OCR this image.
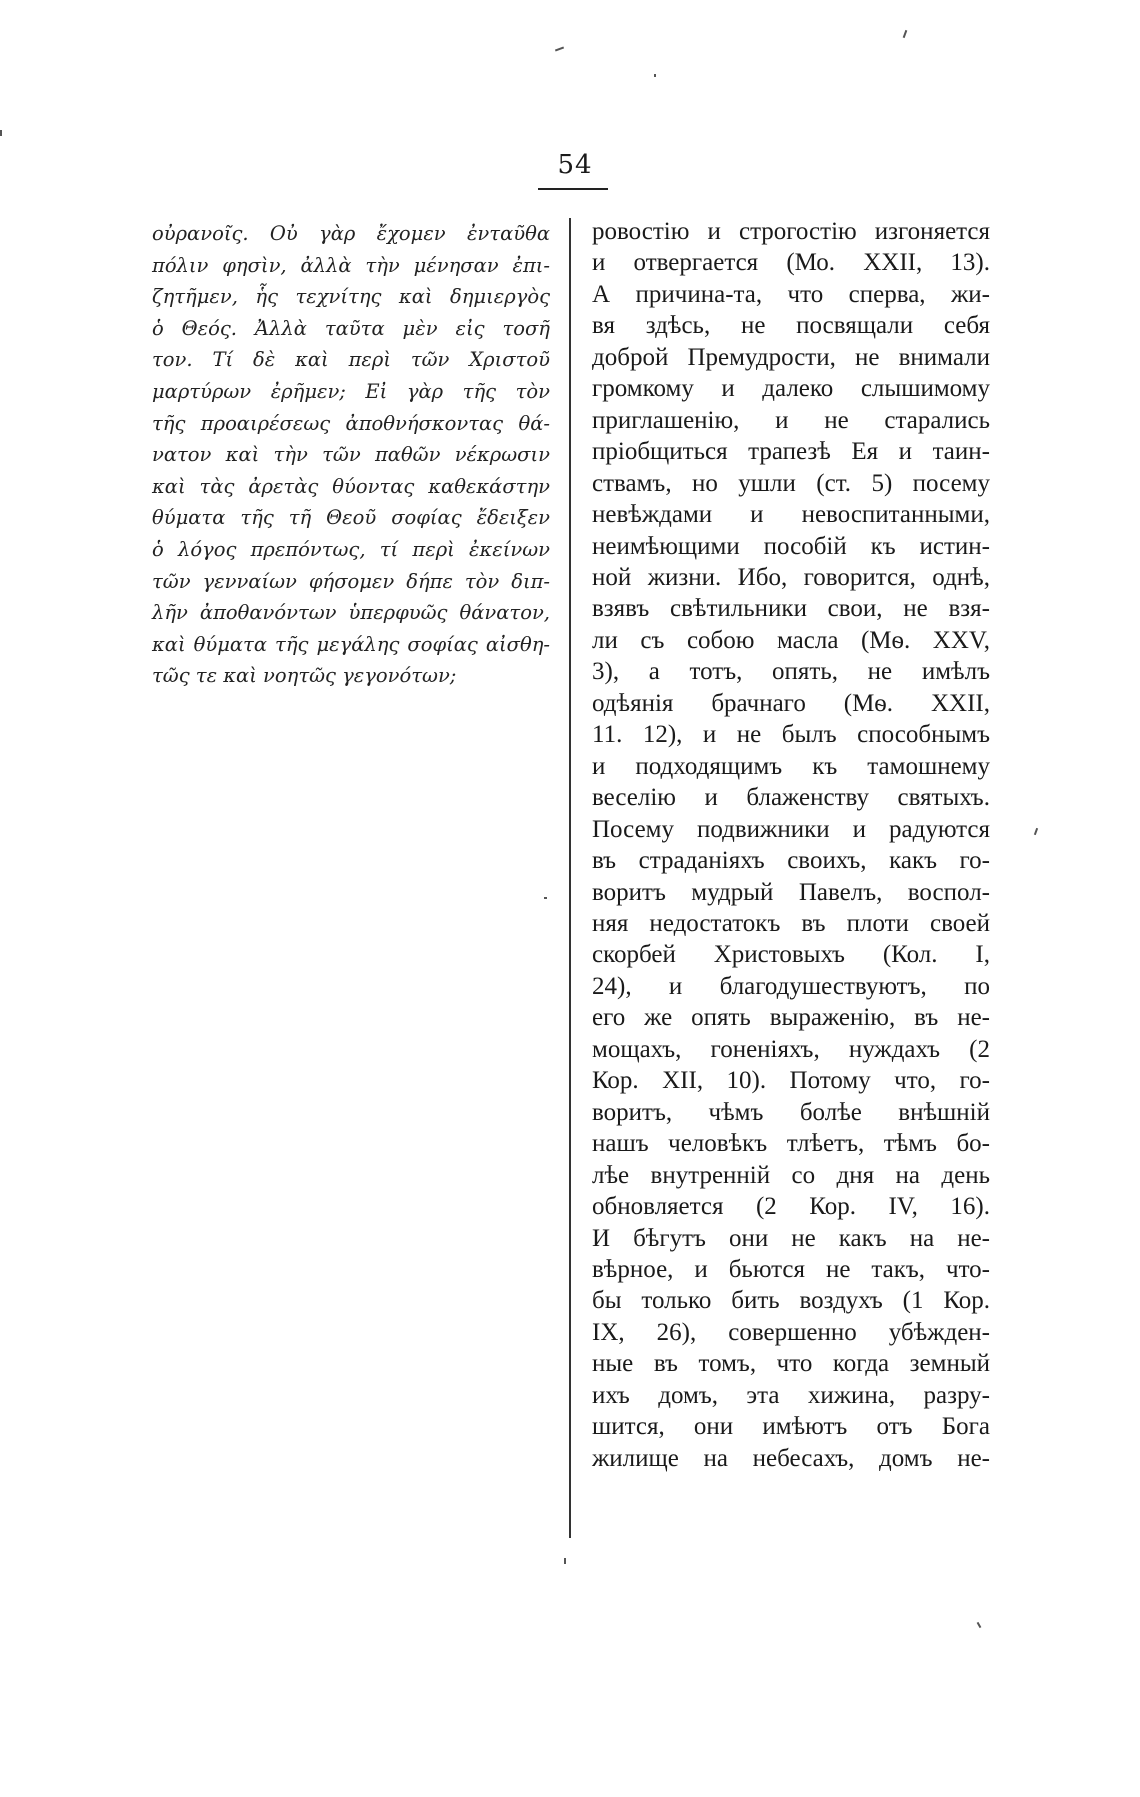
54
οὐρανοῖς. Οὐ γὰρ ἔχομεν ἐνταῦθα
πόλιν φησὶν, ἀλλὰ τὴν μένησαν ἐπι-
ζητῆμεν, ἧς τεχνίτης καὶ δημιεργὸς
ὁ Θεός. Ἀλλὰ ταῦτα μὲν εἰς τοσῆ
τον. Τί δὲ καὶ περὶ τῶν Χριστοῦ
μαρτύρων ἐρῆμεν; Εἰ γὰρ τῆς τὸν
τῆς προαιρέσεως ἀποθνήσκοντας θά-
νατον καὶ τὴν τῶν παθῶν νέκρωσιν
καὶ τὰς ἀρετὰς θύοντας καθεκάστην
θύματα τῆς τῆ Θεοῦ σοφίας ἔδειξεν
ὁ λόγος πρεπόντως, τί περὶ ἐκείνων
τῶν γενναίων φήσομεν δήπε τὸν διπ-
λῆν ἀποθανόντων ὑπερφυῶς θάνατον,
καὶ θύματα τῆς μεγάλης σοφίας αἰσθη-
τῶς τε καὶ νοητῶς γεγονότων;
ровостію и строгостію изгоняется
и отвергается (Мо. XXII, 13).
А причина-та, что сперва, жи-
вя здѣсь, не посвящали себя
доброй Премудрости, не внимали
громкому и далеко слышимому
приглашенію, и не старались
пріобщиться трапезѣ Ея и таин-
ствамъ, но ушли (ст. 5) посему
невѣждами и невоспитанными,
неимѣющими пособій къ истин-
ной жизни. Ибо, говорится, однѣ,
взявъ свѣтильники свои, не взя-
ли съ собою масла (Мѳ. XXV,
3), а тотъ, опять, не имѣлъ
одѣянія брачнаго (Мѳ. XXII,
11. 12), и не былъ способнымъ
и подходящимъ къ тамошнему
веселію и блаженству святыхъ.
Посему подвижники и радуются
въ страданіяхъ своихъ, какъ го-
воритъ мудрый Павелъ, воспол-
няя недостатокъ въ плоти своей
скорбей Христовыхъ (Кол. I,
24), и благодушествуютъ, по
его же опять выраженію, въ не-
мощахъ, гоненіяхъ, нуждахъ (2
Кор. XII, 10). Потому что, го-
воритъ, чѣмъ болѣе внѣшній
нашъ человѣкъ тлѣетъ, тѣмъ бо-
лѣе внутренній со дня на день
обновляется (2 Кор. IV, 16).
И бѣгутъ они не какъ на не-
вѣрное, и бьются не такъ, что-
бы только бить воздухъ (1 Кор.
IX, 26), совершенно убѣжден-
ные въ томъ, что когда земный
ихъ домъ, эта хижина, разру-
шится, они имѣютъ отъ Бога
жилище на небесахъ, домъ не-
